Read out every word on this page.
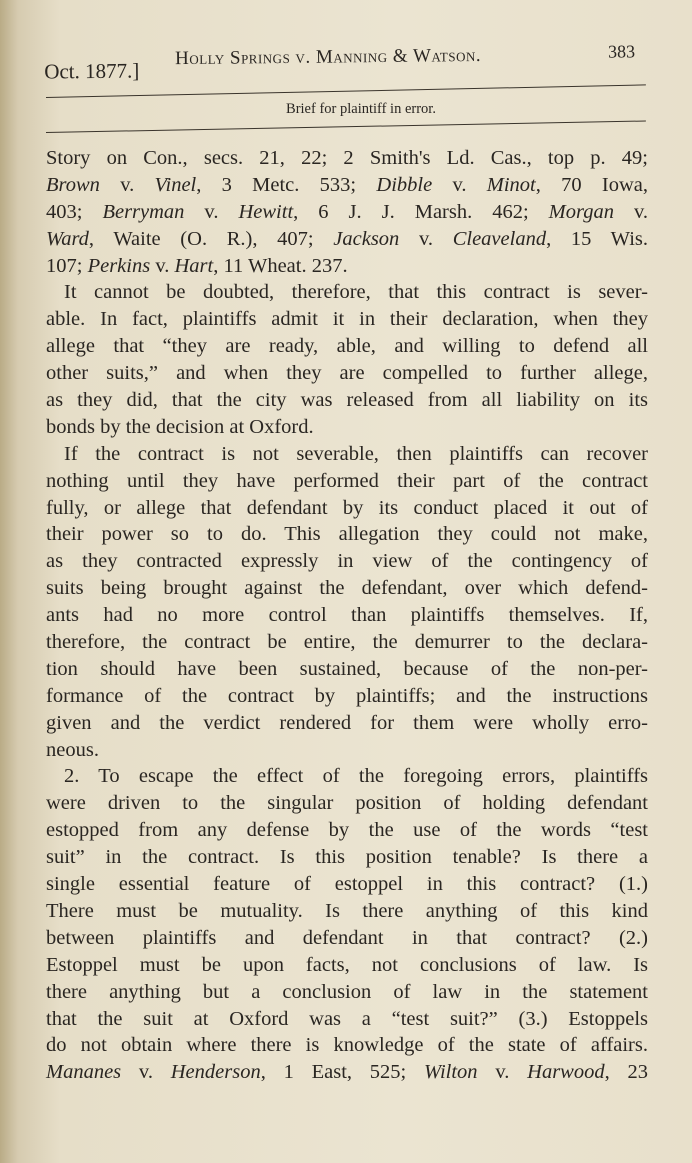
Oct. 1877.]
Holly Springs v. Manning & Watson.	383
Brief for plaintiff in error.
Story on Con., secs. 21, 22; 2 Smith's Ld. Cas., top p. 49;
Brown v. Vinel, 3 Metc. 533; Dibble v. Minot, 70 Iowa,
403; Berryman v. Hewitt, 6 J. J. Marsh. 462; Morgan v.
Ward, Waite (O. R.), 407; Jackson v. Cleaveland, 15 Wis.
107; Perkins v. Hart, 11 Wheat. 237.
It cannot be doubted, therefore, that this contract is sever-
able. In fact, plaintiffs admit it in their declaration, when they
allege that “they are ready, able, and willing to defend all
other suits,” and when they are compelled to further allege,
as they did, that the city was released from all liability on its
bonds by the decision at Oxford.
If the contract is not severable, then plaintiffs can recover
nothing until they have performed their part of the contract
fully, or allege that defendant by its conduct placed it out of
their power so to do. This allegation they could not make,
as they contracted expressly in view of the contingency of
suits being brought against the defendant, over which defend-
ants had no more control than plaintiffs themselves. If,
therefore, the contract be entire, the demurrer to the declara-
tion should have been sustained, because of the non-per-
formance of the contract by plaintiffs; and the instructions
given and the verdict rendered for them were wholly erro-
neous.
2. To escape the effect of the foregoing errors, plaintiffs
were driven to the singular position of holding defendant
estopped from any defense by the use of the words “test
suit” in the contract. Is this position tenable? Is there a
single essential feature of estoppel in this contract? (1.)
There must be mutuality. Is there anything of this kind
between plaintiffs and defendant in that contract? (2.)
Estoppel must be upon facts, not conclusions of law. Is
there anything but a conclusion of law in the statement
that the suit at Oxford was a “test suit?” (3.) Estoppels
do not obtain where there is knowledge of the state of affairs.
Mananes v. Henderson, 1 East, 525; Wilton v. Harwood, 23
